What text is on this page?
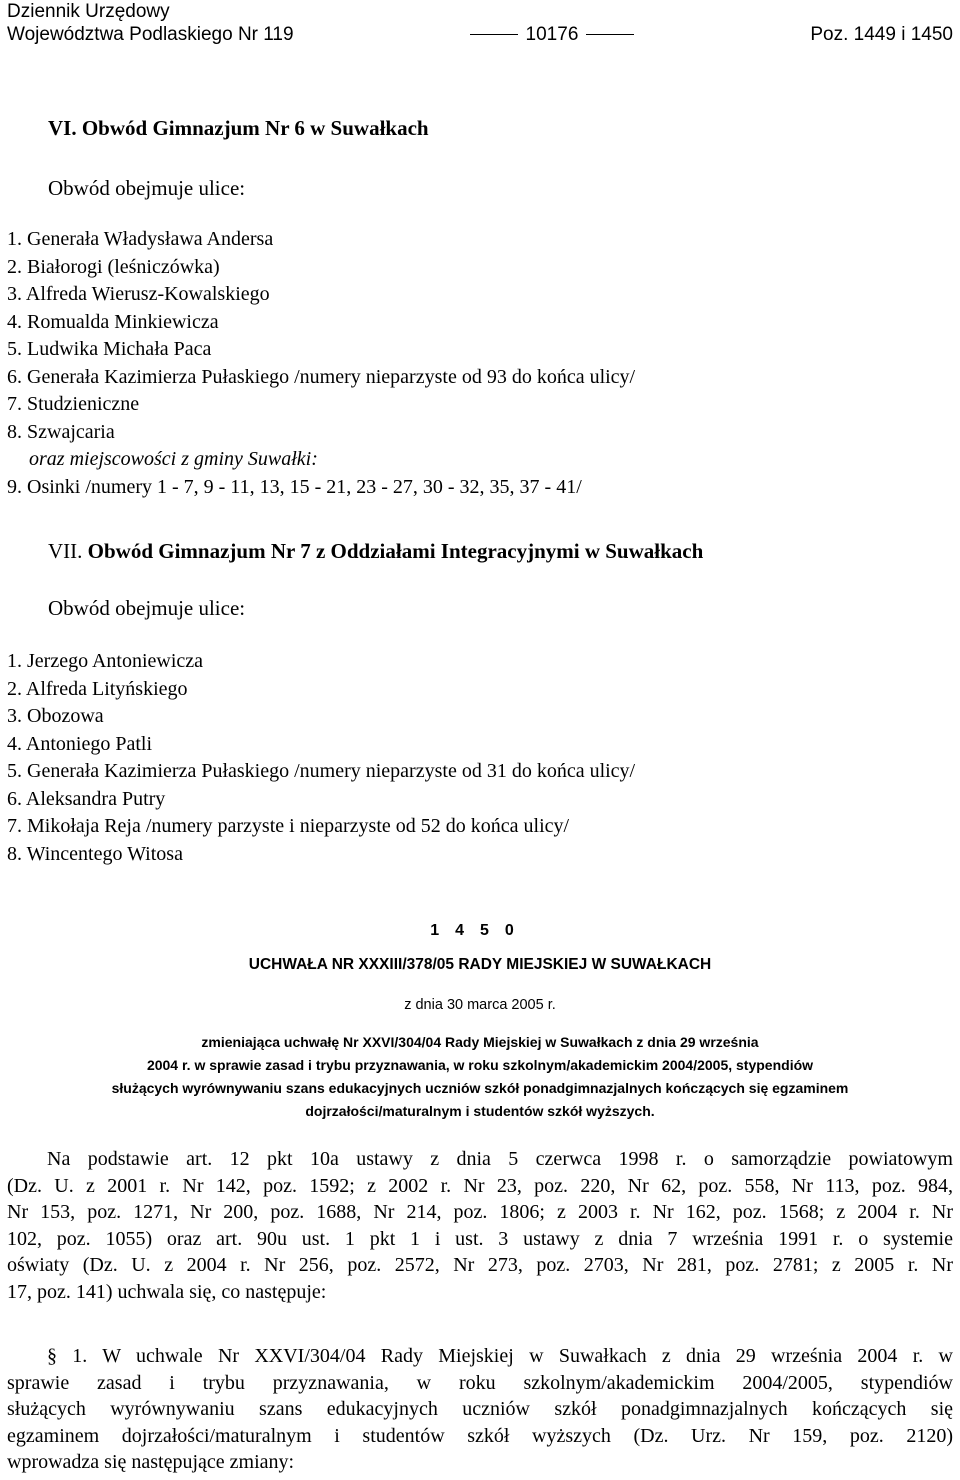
Dziennik Urzędowy
Województwa Podlaskiego Nr 119	10176	Poz. 1449 i 1450
VI. Obwód Gimnazjum Nr 6 w Suwałkach
Obwód obejmuje ulice:
1. Generała Władysława Andersa
2. Białorogi (leśniczówka)
3. Alfreda Wierusz-Kowalskiego
4. Romualda Minkiewicza
5. Ludwika Michała Paca
6. Generała Kazimierza Pułaskiego /numery nieparzyste od 93 do końca ulicy/
7. Studzieniczne
8. Szwajcaria
oraz miejscowości z gminy Suwałki:
9. Osinki /numery 1 - 7, 9 - 11, 13, 15 - 21, 23 - 27, 30 - 32, 35, 37 - 41/
VII. Obwód Gimnazjum Nr 7 z Oddziałami Integracyjnymi w Suwałkach
Obwód obejmuje ulice:
1. Jerzego Antoniewicza
2. Alfreda Lityńskiego
3. Obozowa
4. Antoniego Patli
5. Generała Kazimierza Pułaskiego /numery nieparzyste od 31 do końca ulicy/
6. Aleksandra Putry
7. Mikołaja Reja /numery parzyste i nieparzyste od 52 do końca ulicy/
8. Wincentego Witosa
1450
UCHWAŁA NR XXXIII/378/05 RADY MIEJSKIEJ W SUWAŁKACH
z dnia 30 marca 2005 r.
zmieniająca uchwałę Nr XXVI/304/04 Rady Miejskiej w Suwałkach z dnia 29 września
2004 r. w sprawie zasad i trybu przyznawania, w roku szkolnym/akademickim 2004/2005, stypendiów
służących wyrównywaniu szans edukacyjnych uczniów szkół ponadgimnazjalnych kończących się egzaminem
dojrzałości/maturalnym i studentów szkół wyższych.
Na podstawie art. 12 pkt 10a ustawy z dnia 5 czerwca 1998 r. o samorządzie powiatowym
(Dz. U. z 2001 r. Nr 142, poz. 1592; z 2002 r. Nr 23, poz. 220, Nr 62, poz. 558, Nr 113, poz. 984,
Nr 153, poz. 1271, Nr 200, poz. 1688, Nr 214, poz. 1806; z 2003 r. Nr 162, poz. 1568; z 2004 r. Nr
102, poz. 1055) oraz art. 90u ust. 1 pkt 1 i ust. 3 ustawy z dnia 7 września 1991 r. o systemie
oświaty (Dz. U. z 2004 r. Nr 256, poz. 2572, Nr 273, poz. 2703, Nr 281, poz. 2781; z 2005 r. Nr
17, poz. 141) uchwala się, co następuje:
§ 1. W uchwale Nr XXVI/304/04 Rady Miejskiej w Suwałkach z dnia 29 września 2004 r. w
sprawie zasad i trybu przyznawania, w roku szkolnym/akademickim 2004/2005, stypendiów
służących wyrównywaniu szans edukacyjnych uczniów szkół ponadgimnazjalnych kończących się
egzaminem dojrzałości/maturalnym i studentów szkół wyższych (Dz. Urz. Nr 159, poz. 2120)
wprowadza się następujące zmiany:
